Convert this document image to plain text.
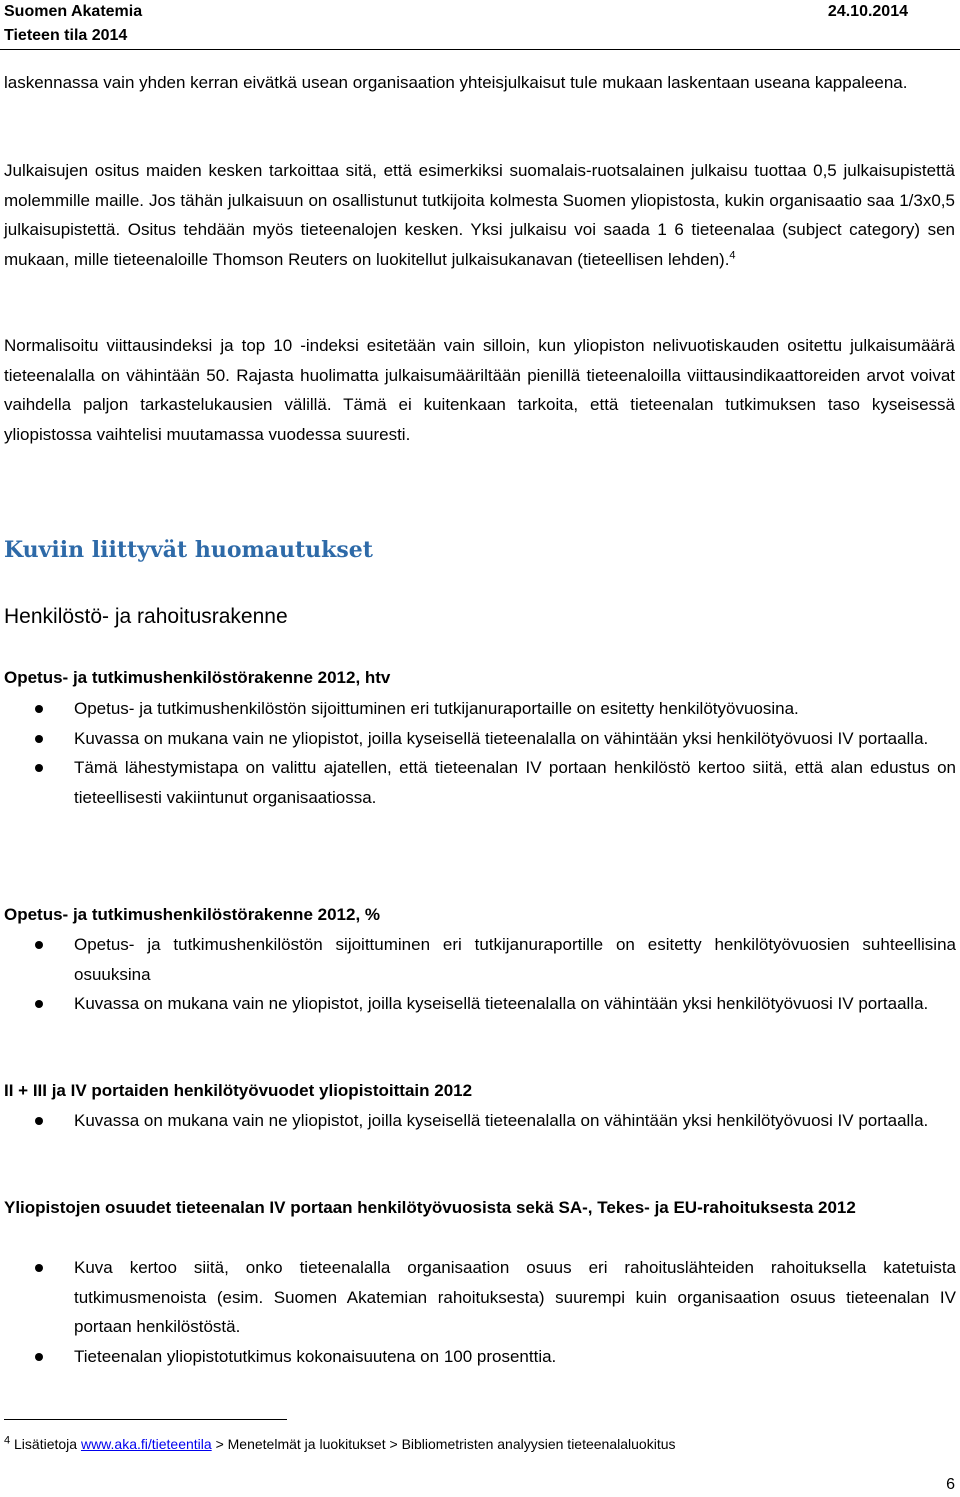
Suomen Akatemia
Tieteen tila 2014
24.10.2014

laskennassa vain yhden kerran eivätkä usean organisaation yhteisjulkaisut tule mukaan laskentaan useana kappaleena.

Julkaisujen ositus maiden kesken tarkoittaa sitä, että esimerkiksi suomalais-ruotsalainen julkaisu tuottaa 0,5 julkaisupistettä molemmille maille. Jos tähän julkaisuun on osallistunut tutkijoita kolmesta Suomen yliopistosta, kukin organisaatio saa 1/3x0,5 julkaisupistettä. Ositus tehdään myös tieteenalojen kesken. Yksi julkaisu voi saada 1 6 tieteenalaa (subject category) sen mukaan, mille tieteenaloille Thomson Reuters on luokitellut julkaisukanavan (tieteellisen lehden).$^4$

Normalisoitu viittausindeksi ja top 10 -indeksi esitetään vain silloin, kun yliopiston nelivuotiskauden ositettu julkaisumäärä tieteenalalla on vähintään 50. Rajasta huolimatta julkaisumääriltään pienillä tieteenaloilla viittausindikaattoreiden arvot voivat vaihdella paljon tarkastelukausien välillä. Tämä ei kuitenkaan tarkoita, että tieteenalan tutkimuksen taso kyseisessä yliopistossa vaihtelisi muutamassa vuodessa suuresti.

Kuviin liittyvät huomautukset
Henkilöstö- ja rahoitusrakenne
Opetus- ja tutkimushenkilöstörakenne 2012, htv
Opetus- ja tutkimushenkilöstön sijoittuminen eri tutkijanuraportaille on esitetty henkilötyövuosina.
Kuvassa on mukana vain ne yliopistot, joilla kyseisellä tieteenalalla on vähintään yksi henkilötyövuosi IV portaalla.
Tämä lähestymistapa on valittu ajatellen, että tieteenalan IV portaan henkilöstö kertoo siitä, että alan edustus on tieteellisesti vakiintunut organisaatiossa.
Opetus- ja tutkimushenkilöstörakenne 2012, %
Opetus- ja tutkimushenkilöstön sijoittuminen eri tutkijanuraportille on esitetty henkilötyövuosien suhteellisina osuuksina
Kuvassa on mukana vain ne yliopistot, joilla kyseisellä tieteenalalla on vähintään yksi henkilötyövuosi IV portaalla.
II + III ja IV portaiden henkilötyövuodet yliopistoittain 2012
Kuvassa on mukana vain ne yliopistot, joilla kyseisellä tieteenalalla on vähintään yksi henkilötyövuosi IV portaalla.
Yliopistojen osuudet tieteenalan IV portaan henkilötyövuosista sekä SA-, Tekes- ja EU-rahoituksesta 2012
Kuva kertoo siitä, onko tieteenalalla organisaation osuus eri rahoituslähteiden rahoituksella katetuista tutkimusmenoista (esim. Suomen Akatemian rahoituksesta) suurempi kuin organisaation osuus tieteenalan IV portaan henkilöstöstä.
Tieteenalan yliopistotutkimus kokonaisuutena on 100 prosenttia.
$^4$ Lisätietoja www.aka.fi/tieteentila > Menetelmät ja luokitukset > Bibliometristen analyysien tieteenalaluokitus
6
